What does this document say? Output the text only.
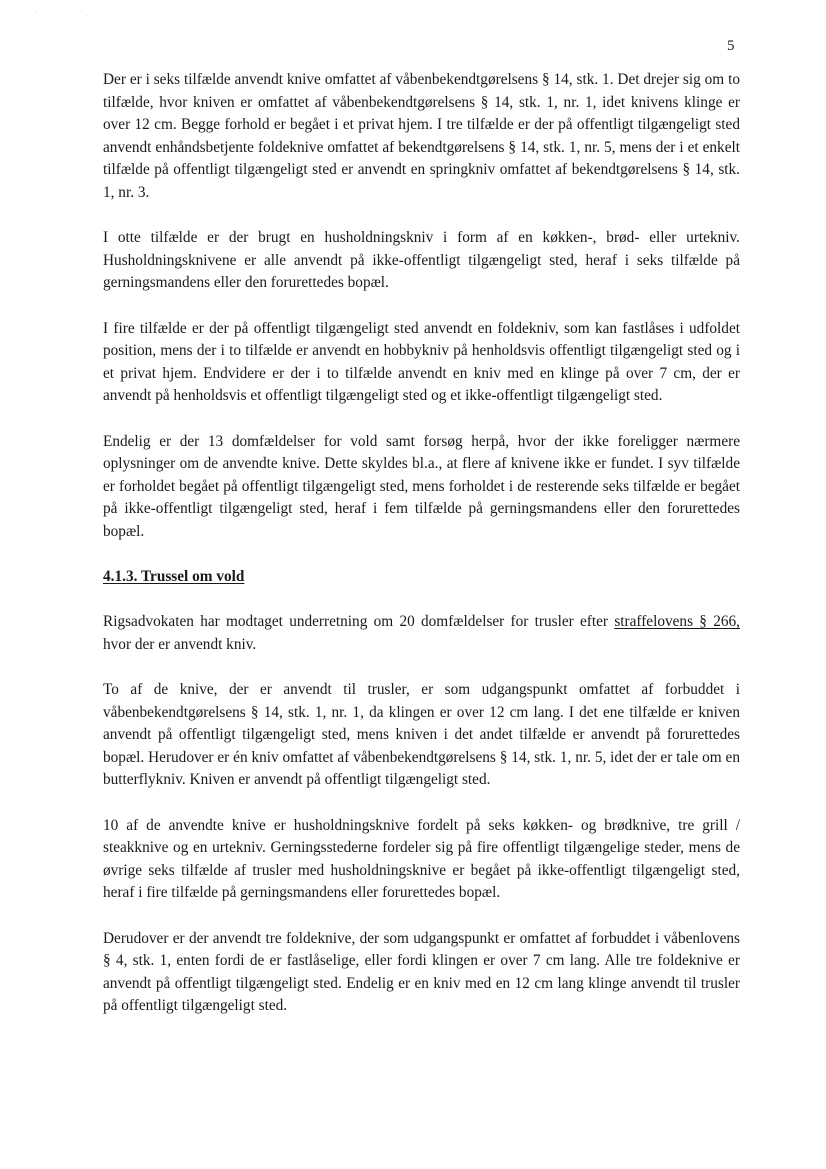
' .
5

Der er i seks tilfælde anvendt knive omfattet af våbenbekendtgørelsens § 14, stk. 1. Det drejer sig om to tilfælde, hvor kniven er omfattet af våbenbekendtgørelsens § 14, stk. 1, nr. 1, idet knivens klinge er over 12 cm. Begge forhold er begået i et privat hjem. I tre tilfælde er der på offentligt tilgængeligt sted anvendt enhåndsbetjente foldeknive omfattet af bekendtgørelsens § 14, stk. 1, nr. 5, mens der i et enkelt tilfælde på offentligt tilgængeligt sted er anvendt en springkniv omfattet af bekendtgørelsens § 14, stk. 1, nr. 3.

I otte tilfælde er der brugt en husholdningskniv i form af en køkken-, brød- eller urtekniv. Husholdningsknivene er alle anvendt på ikke-offentligt tilgængeligt sted, heraf i seks tilfælde på gerningsmandens eller den forurettedes bopæl.

I fire tilfælde er der på offentligt tilgængeligt sted anvendt en foldekniv, som kan fastlåses i udfoldet position, mens der i to tilfælde er anvendt en hobbykniv på henholdsvis offentligt tilgængeligt sted og i et privat hjem. Endvidere er der i to tilfælde anvendt en kniv med en klinge på over 7 cm, der er anvendt på henholdsvis et offentligt tilgængeligt sted og et ikke-offentligt tilgængeligt sted.

Endelig er der 13 domfældelser for vold samt forsøg herpå, hvor der ikke foreligger nærmere oplysninger om de anvendte knive. Dette skyldes bl.a., at flere af knivene ikke er fundet. I syv tilfælde er forholdet begået på offentligt tilgængeligt sted, mens forholdet i de resterende seks tilfælde er begået på ikke-offentligt tilgængeligt sted, heraf i fem tilfælde på gerningsmandens eller den forurettedes bopæl.

4.1.3. Trussel om vold

Rigsadvokaten har modtaget underretning om 20 domfældelser for trusler efter straffelovens § 266, hvor der er anvendt kniv.

To af de knive, der er anvendt til trusler, er som udgangspunkt omfattet af forbuddet i våbenbekendtgørelsens § 14, stk. 1, nr. 1, da klingen er over 12 cm lang. I det ene tilfælde er kniven anvendt på offentligt tilgængeligt sted, mens kniven i det andet tilfælde er anvendt på forurettedes bopæl. Herudover er én kniv omfattet af våbenbekendtgørelsens § 14, stk. 1, nr. 5, idet der er tale om en butterflykniv. Kniven er anvendt på offentligt tilgængeligt sted.

10 af de anvendte knive er husholdningsknive fordelt på seks køkken- og brødknive, tre grill / steakknive og en urtekniv. Gerningsstederne fordeler sig på fire offentligt tilgængelige steder, mens de øvrige seks tilfælde af trusler med husholdningsknive er begået på ikke-offentligt tilgængeligt sted, heraf i fire tilfælde på gerningsmandens eller forurettedes bopæl.

Derudover er der anvendt tre foldeknive, der som udgangspunkt er omfattet af forbuddet i våbenlovens § 4, stk. 1, enten fordi de er fastlåselige, eller fordi klingen er over 7 cm lang. Alle tre foldeknive er anvendt på offentligt tilgængeligt sted. Endelig er en kniv med en 12 cm lang klinge anvendt til trusler på offentligt tilgængeligt sted.
